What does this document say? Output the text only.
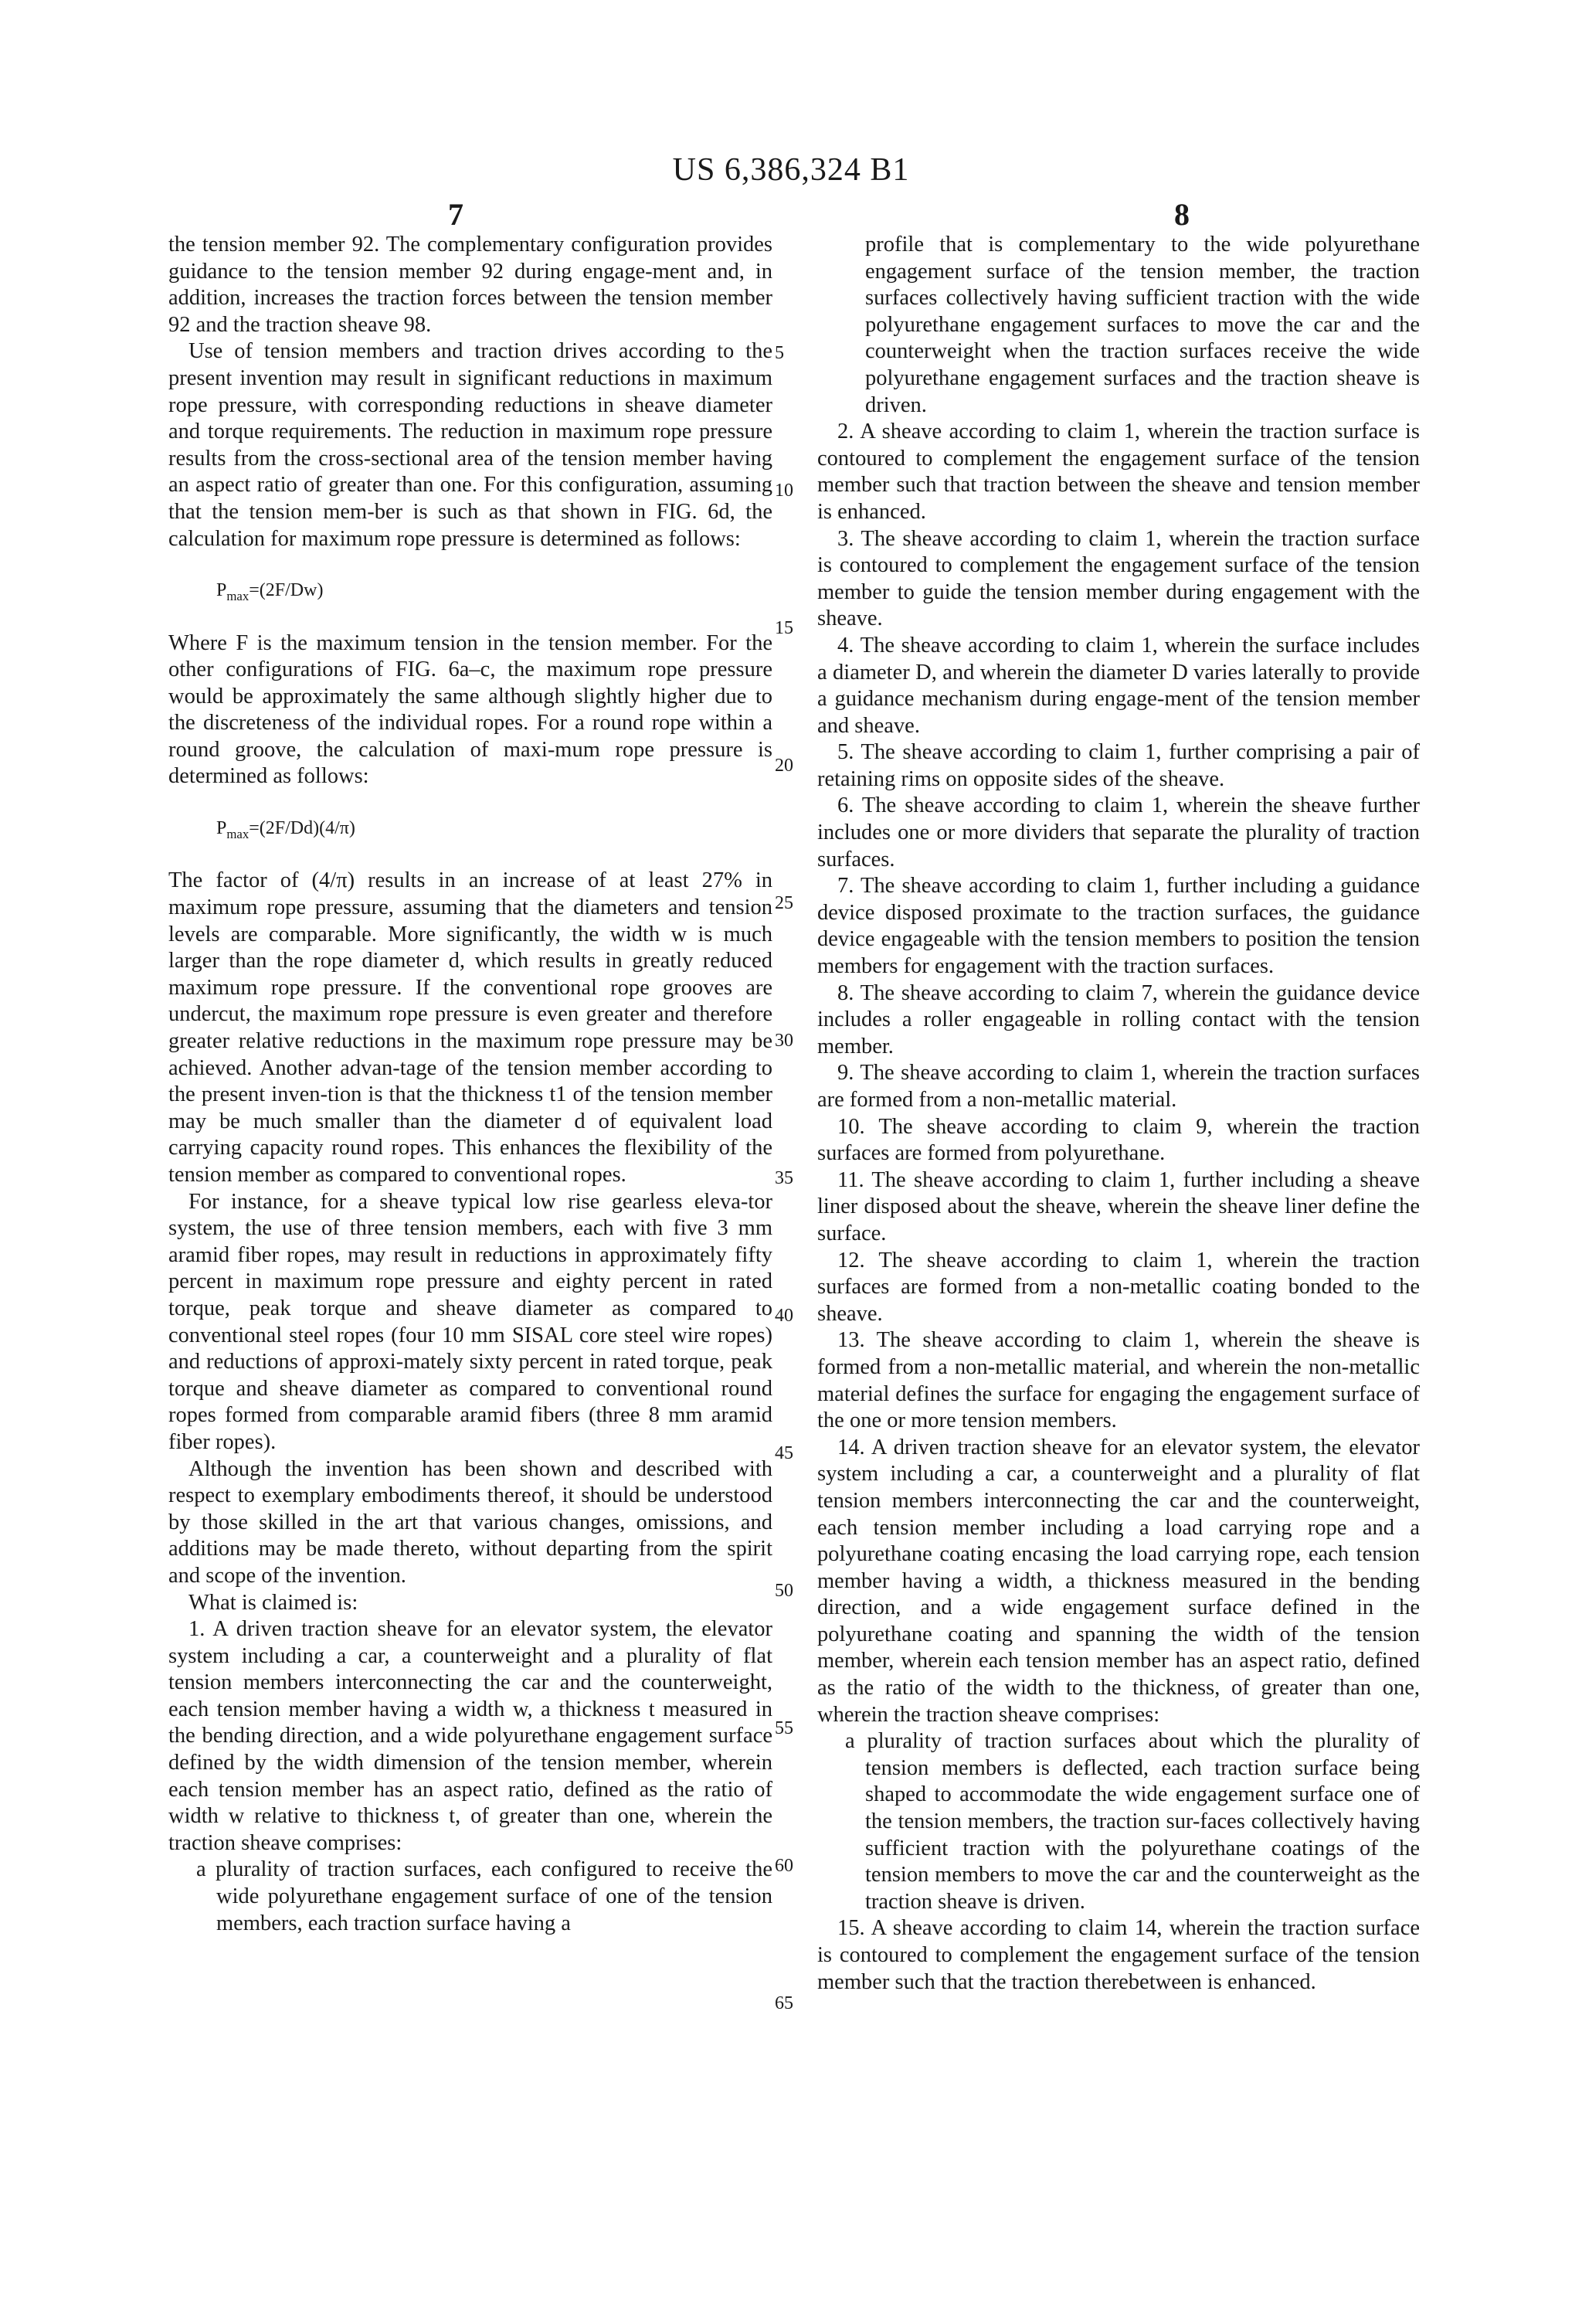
US 6,386,324 B1
7	8

the tension member 92. The complementary configuration provides guidance to the tension member 92 during engage-ment and, in addition, increases the traction forces between the tension member 92 and the traction sheave 98.

Use of tension members and traction drives according to the present invention may result in significant reductions in maximum rope pressure, with corresponding reductions in sheave diameter and torque requirements. The reduction in maximum rope pressure results from the cross-sectional area of the tension member having an aspect ratio of greater than one. For this configuration, assuming that the tension mem-ber is such as that shown in FIG. 6d, the calculation for maximum rope pressure is determined as follows:

$P_{max}=(2F/Dw)$

Where F is the maximum tension in the tension member. For the other configurations of FIG. 6a–c, the maximum rope pressure would be approximately the same although slightly higher due to the discreteness of the individual ropes. For a round rope within a round groove, the calculation of maxi-mum rope pressure is determined as follows:

$P_{max}=(2F/Dd)(4/\pi)$

The factor of (4/π) results in an increase of at least 27% in maximum rope pressure, assuming that the diameters and tension levels are comparable. More significantly, the width w is much larger than the rope diameter d, which results in greatly reduced maximum rope pressure. If the conventional rope grooves are undercut, the maximum rope pressure is even greater and therefore greater relative reductions in the maximum rope pressure may be achieved. Another advan-tage of the tension member according to the present inven-tion is that the thickness t1 of the tension member may be much smaller than the diameter d of equivalent load carrying capacity round ropes. This enhances the flexibility of the tension member as compared to conventional ropes.

For instance, for a sheave typical low rise gearless eleva-tor system, the use of three tension members, each with five 3 mm aramid fiber ropes, may result in reductions in approximately fifty percent in maximum rope pressure and eighty percent in rated torque, peak torque and sheave diameter as compared to conventional steel ropes (four 10 mm SISAL core steel wire ropes) and reductions of approxi-mately sixty percent in rated torque, peak torque and sheave diameter as compared to conventional round ropes formed from comparable aramid fibers (three 8 mm aramid fiber ropes).

Although the invention has been shown and described with respect to exemplary embodiments thereof, it should be understood by those skilled in the art that various changes, omissions, and additions may be made thereto, without departing from the spirit and scope of the invention.

What is claimed is:

1. A driven traction sheave for an elevator system, the elevator system including a car, a counterweight and a plurality of flat tension members interconnecting the car and the counterweight, each tension member having a width w, a thickness t measured in the bending direction, and a wide polyurethane engagement surface defined by the width dimension of the tension member, wherein each tension member has an aspect ratio, defined as the ratio of width w relative to thickness t, of greater than one, wherein the traction sheave comprises:

a plurality of traction surfaces, each configured to receive the wide polyurethane engagement surface of one of the tension members, each traction surface having a

5
10
15
20
25
30
35
40
45
50
55
60
65

profile that is complementary to the wide polyurethane engagement surface of the tension member, the traction surfaces collectively having sufficient traction with the wide polyurethane engagement surfaces to move the car and the counterweight when the traction surfaces receive the wide polyurethane engagement surfaces and the traction sheave is driven.

2. A sheave according to claim 1, wherein the traction surface is contoured to complement the engagement surface of the tension member such that traction between the sheave and tension member is enhanced.

3. The sheave according to claim 1, wherein the traction surface is contoured to complement the engagement surface of the tension member to guide the tension member during engagement with the sheave.

4. The sheave according to claim 1, wherein the surface includes a diameter D, and wherein the diameter D varies laterally to provide a guidance mechanism during engage-ment of the tension member and sheave.

5. The sheave according to claim 1, further comprising a pair of retaining rims on opposite sides of the sheave.

6. The sheave according to claim 1, wherein the sheave further includes one or more dividers that separate the plurality of traction surfaces.

7. The sheave according to claim 1, further including a guidance device disposed proximate to the traction surfaces, the guidance device engageable with the tension members to position the tension members for engagement with the traction surfaces.

8. The sheave according to claim 7, wherein the guidance device includes a roller engageable in rolling contact with the tension member.

9. The sheave according to claim 1, wherein the traction surfaces are formed from a non-metallic material.

10. The sheave according to claim 9, wherein the traction surfaces are formed from polyurethane.

11. The sheave according to claim 1, further including a sheave liner disposed about the sheave, wherein the sheave liner define the surface.

12. The sheave according to claim 1, wherein the traction surfaces are formed from a non-metallic coating bonded to the sheave.

13. The sheave according to claim 1, wherein the sheave is formed from a non-metallic material, and wherein the non-metallic material defines the surface for engaging the engagement surface of the one or more tension members.

14. A driven traction sheave for an elevator system, the elevator system including a car, a counterweight and a plurality of flat tension members interconnecting the car and the counterweight, each tension member including a load carrying rope and a polyurethane coating encasing the load carrying rope, each tension member having a width, a thickness measured in the bending direction, and a wide engagement surface defined in the polyurethane coating and spanning the width of the tension member, wherein each tension member has an aspect ratio, defined as the ratio of the width to the thickness, of greater than one, wherein the traction sheave comprises:

a plurality of traction surfaces about which the plurality of tension members is deflected, each traction surface being shaped to accommodate the wide engagement surface one of the tension members, the traction sur-faces collectively having sufficient traction with the polyurethane coatings of the tension members to move the car and the counterweight as the traction sheave is driven.

15. A sheave according to claim 14, wherein the traction surface is contoured to complement the engagement surface of the tension member such that the traction therebetween is enhanced.
